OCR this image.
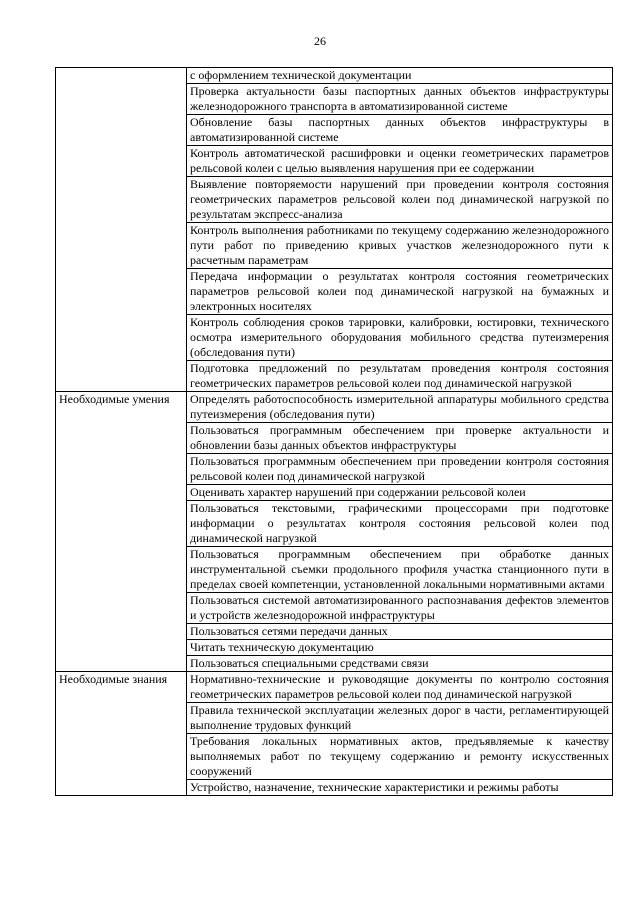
26
	с оформлением технической документации
	Проверка актуальности базы паспортных данных объектов инфраструктуры железнодорожного транспорта в автоматизированной системе
	Обновление базы паспортных данных объектов инфраструктуры в автоматизированной системе
	Контроль автоматической расшифровки и оценки геометрических параметров рельсовой колеи с целью выявления нарушения при ее содержании
	Выявление повторяемости нарушений при проведении контроля состояния геометрических параметров рельсовой колеи под динамической нагрузкой по результатам экспресс-анализа
	Контроль выполнения работниками по текущему содержанию железнодорожного пути работ по приведению кривых участков железнодорожного пути к расчетным параметрам
	Передача информации о результатах контроля состояния геометрических параметров рельсовой колеи под динамической нагрузкой на бумажных и электронных носителях
	Контроль соблюдения сроков тарировки, калибровки, юстировки, технического осмотра измерительного оборудования мобильного средства путеизмерения (обследования пути)
	Подготовка предложений по результатам проведения контроля состояния геометрических параметров рельсовой колеи под динамической нагрузкой
Необходимые умения	Определять работоспособность измерительной аппаратуры мобильного средства путеизмерения (обследования пути)
	Пользоваться программным обеспечением при проверке актуальности и обновлении базы данных объектов инфраструктуры
	Пользоваться программным обеспечением при проведении контроля состояния рельсовой колеи под динамической нагрузкой
	Оценивать характер нарушений при содержании рельсовой колеи
	Пользоваться текстовыми, графическими процессорами при подготовке информации о результатах контроля состояния рельсовой колеи под динамической нагрузкой
	Пользоваться программным обеспечением при обработке данных инструментальной съемки продольного профиля участка станционного пути в пределах своей компетенции, установленной локальными нормативными актами
	Пользоваться системой автоматизированного распознавания дефектов элементов и устройств железнодорожной инфраструктуры
	Пользоваться сетями передачи данных
	Читать техническую документацию
	Пользоваться специальными средствами связи
Необходимые знания	Нормативно-технические и руководящие документы по контролю состояния геометрических параметров рельсовой колеи под динамической нагрузкой
	Правила технической эксплуатации железных дорог в части, регламентирующей выполнение трудовых функций
	Требования локальных нормативных актов, предъявляемые к качеству выполняемых работ по текущему содержанию и ремонту искусственных сооружений
	Устройство, назначение, технические характеристики и режимы работы
